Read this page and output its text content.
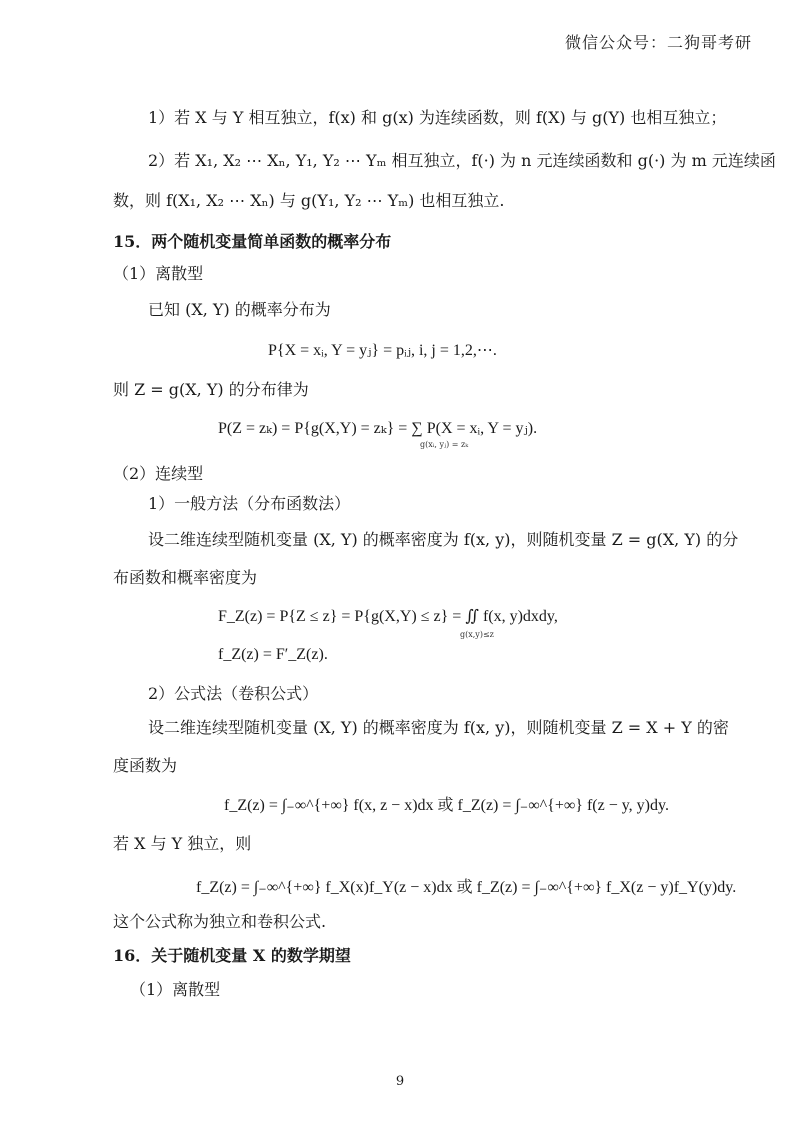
微信公众号：二狗哥考研
1）若 X 与 Y 相互独立，f(x) 和 g(x) 为连续函数，则 f(X) 与 g(Y) 也相互独立；
2）若 X₁, X₂ ⋯ Xₙ, Y₁, Y₂ ⋯ Yₘ 相互独立，f(·) 为 n 元连续函数和 g(·) 为 m 元连续函
数，则 f(X₁, X₂ ⋯ Xₙ) 与 g(Y₁, Y₂ ⋯ Yₘ) 也相互独立.
15．两个随机变量简单函数的概率分布
（1）离散型
已知 (X, Y) 的概率分布为
P{X = xᵢ, Y = yⱼ} = pᵢⱼ, i, j = 1,2,⋯.
则 Z = g(X, Y) 的分布律为
P(Z = zₖ) = P{g(X,Y) = zₖ} = ∑ P(X = xᵢ, Y = yⱼ).
g(xᵢ, yⱼ) = zₖ
（2）连续型
1）一般方法（分布函数法）
设二维连续型随机变量 (X, Y) 的概率密度为 f(x, y)，则随机变量 Z = g(X, Y) 的分
布函数和概率密度为
F_Z(z) = P{Z ≤ z} = P{g(X,Y) ≤ z} = ∬ f(x, y)dxdy,
g(x,y)≤z
f_Z(z) = F′_Z(z).
2）公式法（卷积公式）
设二维连续型随机变量 (X, Y) 的概率密度为 f(x, y)，则随机变量 Z = X + Y 的密
度函数为
f_Z(z) = ∫₋∞^{+∞} f(x, z − x)dx 或 f_Z(z) = ∫₋∞^{+∞} f(z − y, y)dy.
若 X 与 Y 独立，则
f_Z(z) = ∫₋∞^{+∞} f_X(x)f_Y(z − x)dx 或 f_Z(z) = ∫₋∞^{+∞} f_X(z − y)f_Y(y)dy.
这个公式称为独立和卷积公式.
16．关于随机变量 X 的数学期望
（1）离散型
9
